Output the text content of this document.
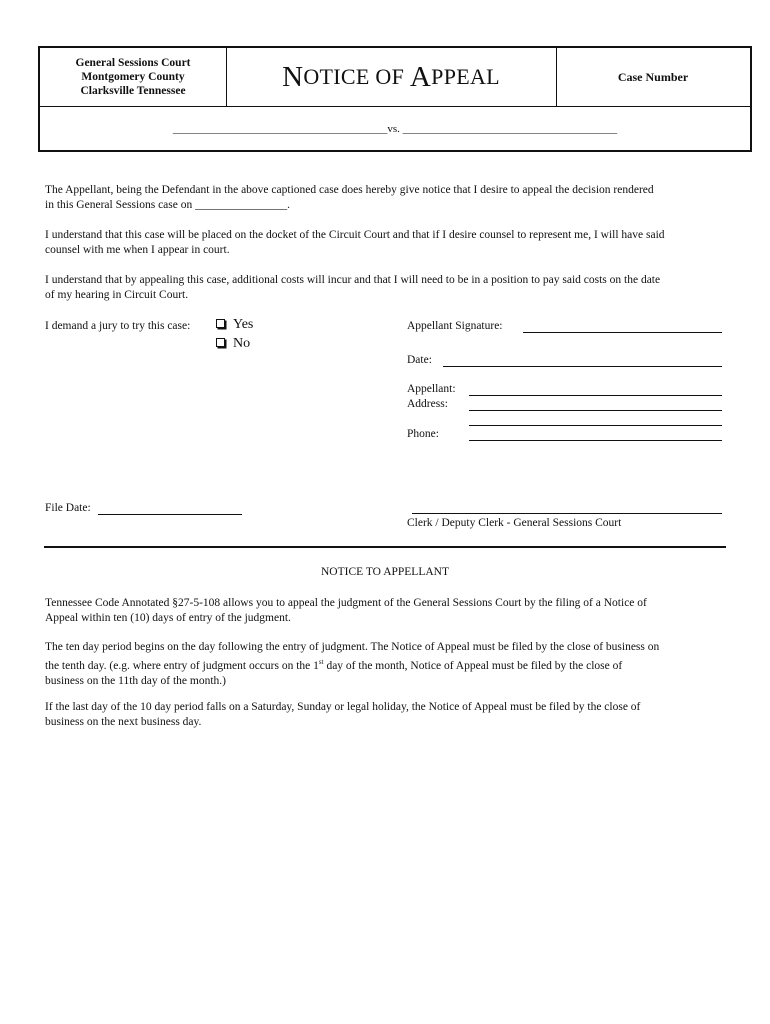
General Sessions Court
Montgomery County
Clarksville Tennessee	N OTICE OF A PPEAL	Case Number
_______________________________________vs. _______________________________________
The Appellant, being the Defendant in the above captioned case does hereby give notice that I desire to appeal the decision rendered
in this General Sessions case on ________________.
I understand that this case will be placed on the docket of the Circuit Court and that if I desire counsel to represent me, I will have said
counsel with me when I appear in court.
I understand that by appealing this case, additional costs will incur and that I will need to be in a position to pay said costs on the date
of my hearing in Circuit Court.
I demand a jury to try this case:	Yes
No
Appellant Signature:
Date:
Appellant:
Address:
Phone:
File Date:
Clerk / Deputy Clerk - General Sessions Court
NOTICE TO APPELLANT
Tennessee Code Annotated §27-5-108 allows you to appeal the judgment of the General Sessions Court by the filing of a Notice of
Appeal within ten (10) days of entry of the judgment.
The ten day period begins on the day following the entry of judgment. The Notice of Appeal must be filed by the close of business on
the tenth day. (e.g. where entry of judgment occurs on the 1st day of the month, Notice of Appeal must be filed by the close of
business on the 11th day of the month.)
If the last day of the 10 day period falls on a Saturday, Sunday or legal holiday, the Notice of Appeal must be filed by the close of
business on the next business day.
